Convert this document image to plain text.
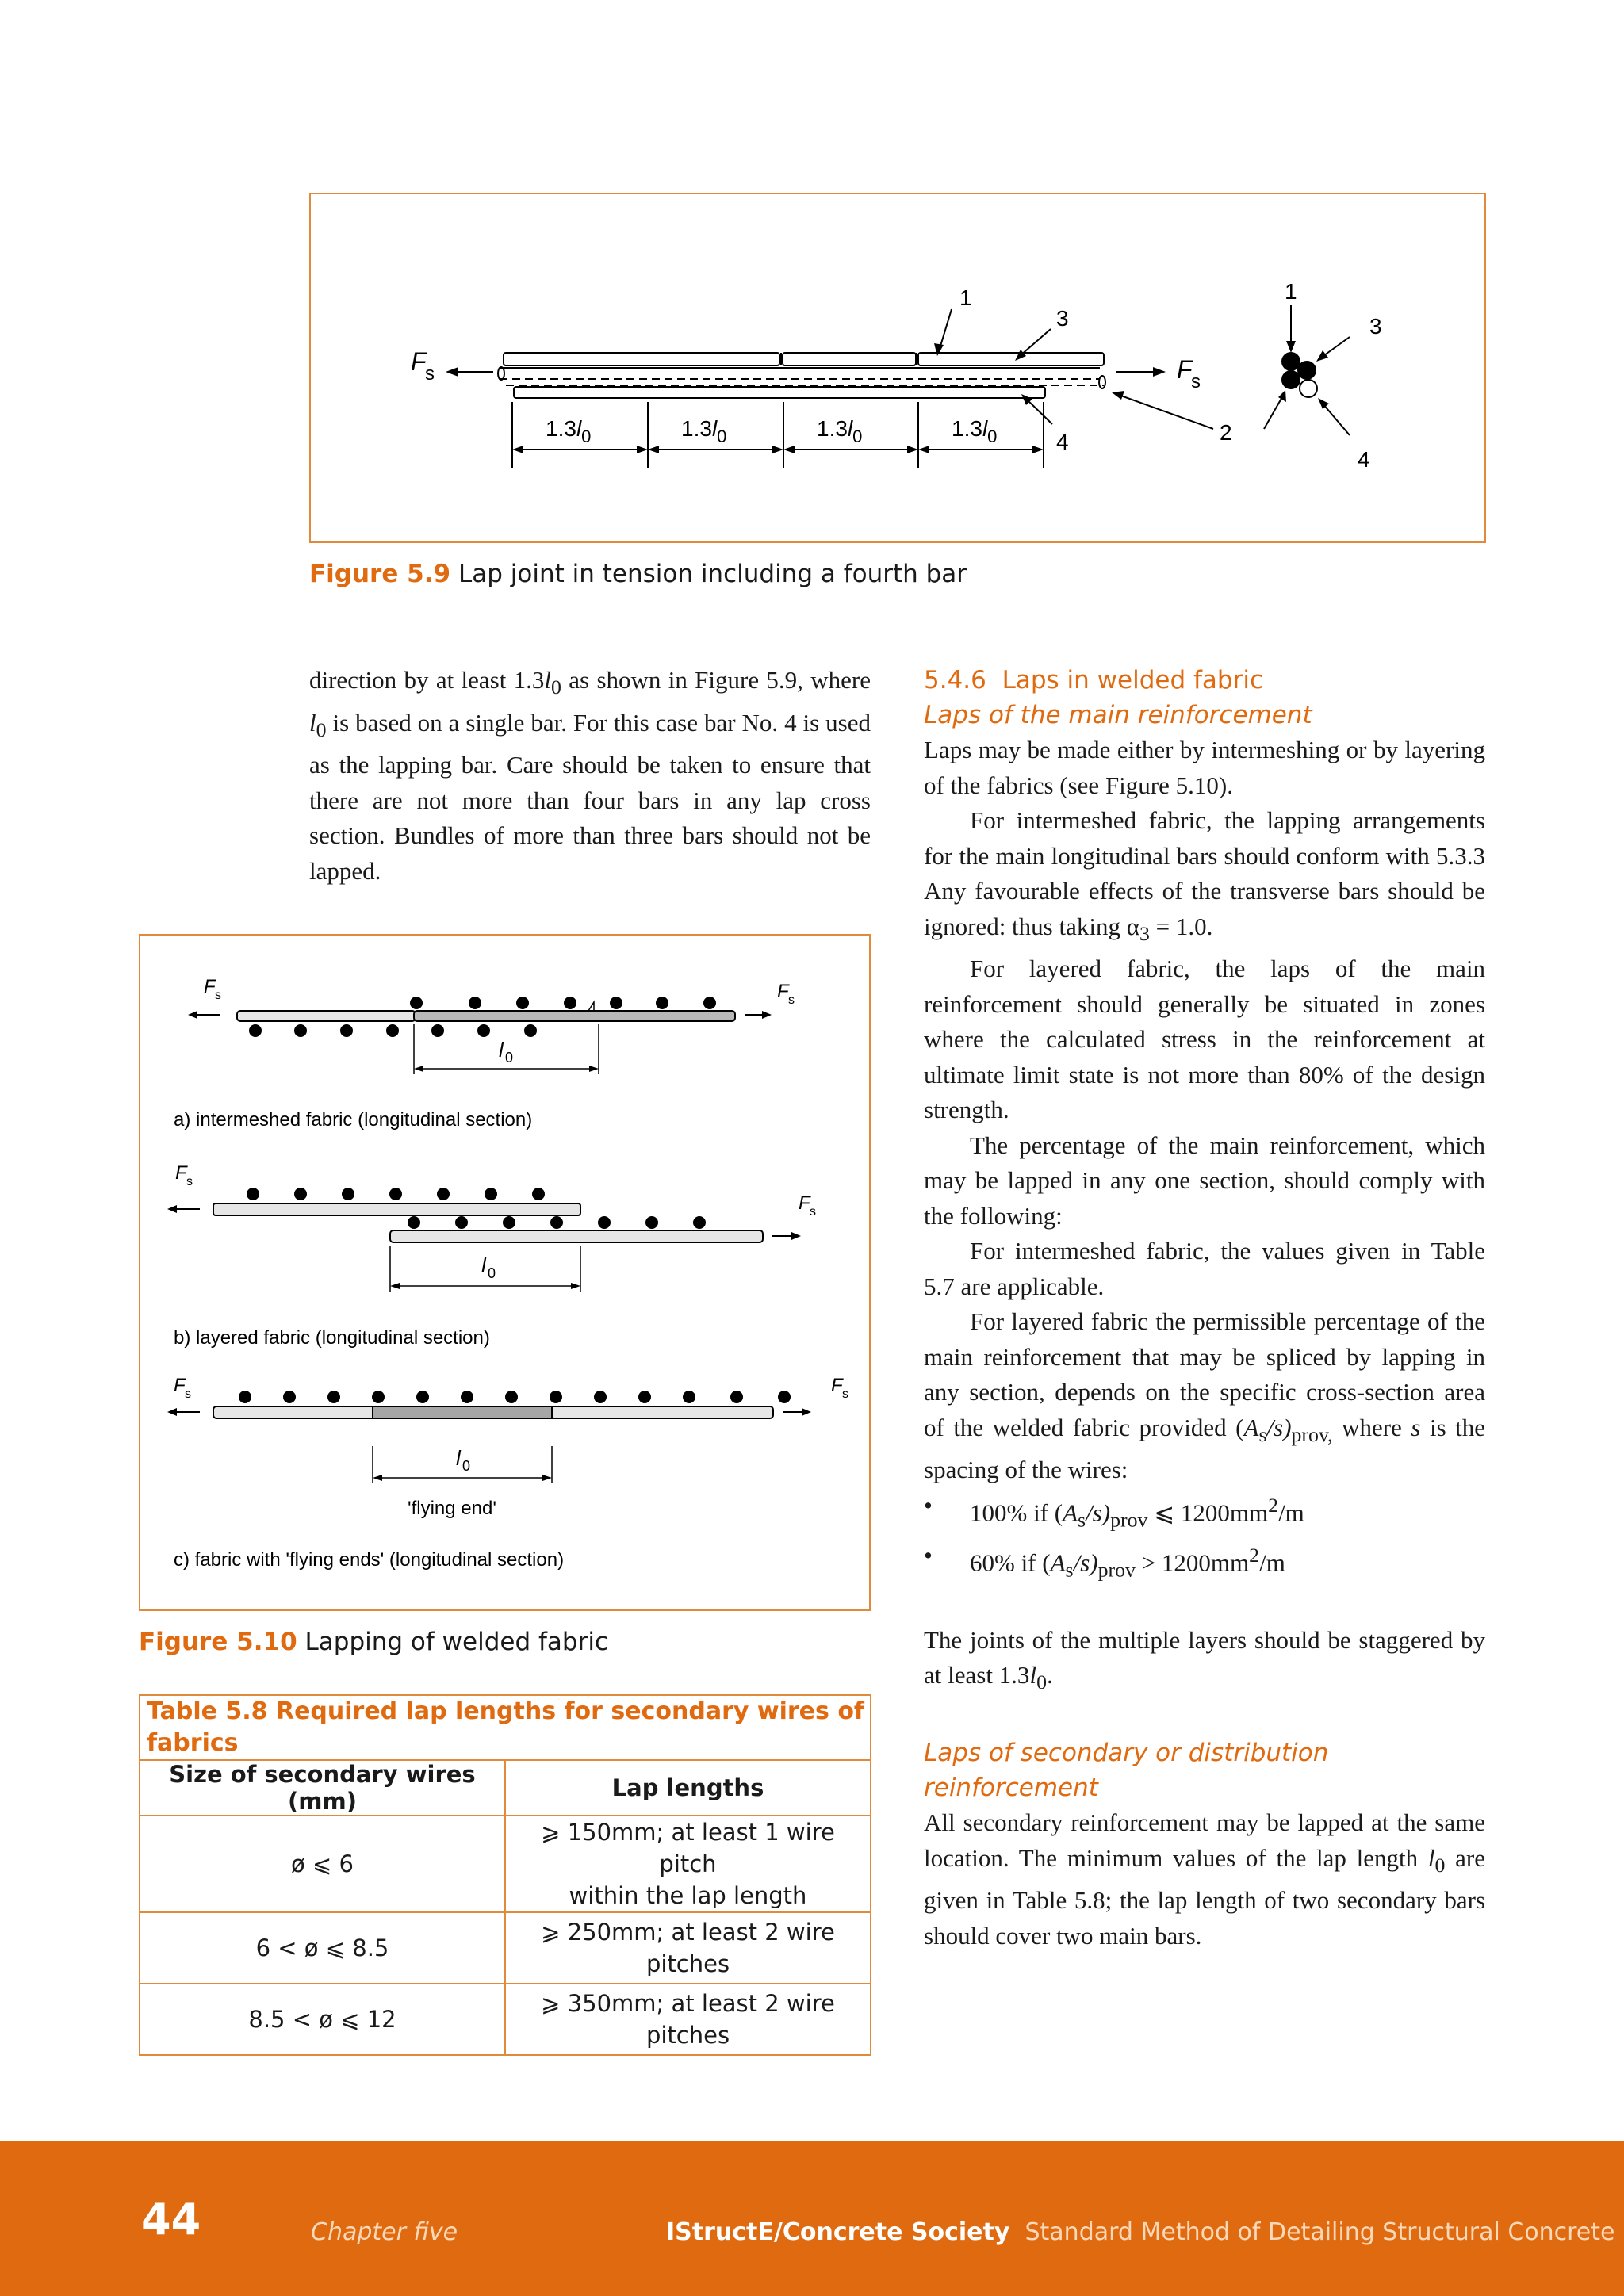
F
s	F
s
$1.3l_0$	$1.3l_0$	$1.3l_0$	$1.3l_0$
1
3
4	2
1
3
4
Figure 5.9 Lap joint in tension including a fourth bar

direction by at least $1.3l_0$ as shown in Figure 5.9, where $l_0$ is based on a single bar. For this case bar No. 4 is used as the lapping bar. Care should be taken to ensure that there are not more than four bars in any lap cross section. Bundles of more than three bars should not be lapped.

F s	F s
l 0
a) intermeshed fabric (longitudinal section)
F s
F s
l 0
b) layered fabric (longitudinal section)
F s	F s
l 0
'flying end'
c) fabric with 'flying ends' (longitudinal section)
Figure 5.10 Lapping of welded fabric
Table 5.8 Required lap lengths for secondary wires of fabrics	
Size of secondary wires (mm)	Lap lengths
ø ⩽ 6	⩾ 150mm; at least 1 wire pitch
within the lap length
6 < ø ⩽ 8.5	⩾ 250mm; at least 2 wire
pitches
8.5 < ø ⩽ 12	⩾ 350mm; at least 2 wire
pitches
5.4.6 Laps in welded fabric
Laps of the main reinforcement

Laps may be made either by intermeshing or by layering of the fabrics (see Figure 5.10).

For intermeshed fabric, the lapping arrangements for the main longitudinal bars should conform with 5.3.3 Any favourable effects of the transverse bars should be ignored: thus taking $\alpha_3 = 1.0$.

For layered fabric, the laps of the main reinforcement should generally be situated in zones where the calculated stress in the reinforcement at ultimate limit state is not more than 80% of the design strength.

The percentage of the main reinforcement, which may be lapped in any one section, should comply with the following:

For intermeshed fabric, the values given in Table 5.7 are applicable.

For layered fabric the permissible percentage of the main reinforcement that may be spliced by lapping in any section, depends on the specific cross-section area of the welded fabric provided $(A_s/s)_{prov,}$ where s is the spacing of the wires:

•	100% if $(A_s/s)_{prov}$ ⩽ $1200mm^2/m$
•	60% if $(A_s/s)_{prov} > 1200mm^2/m$

The joints of the multiple layers should be staggered by at least $1.3l_0$.

Laps of secondary or distribution
reinforcement

All secondary reinforcement may be lapped at the same location. The minimum values of the lap length $l_0$ are given in Table 5.8; the lap length of two secondary bars should cover two main bars.

44	Chapter five	IStructE/Concrete Society Standard Method of Detailing Structural Concrete
